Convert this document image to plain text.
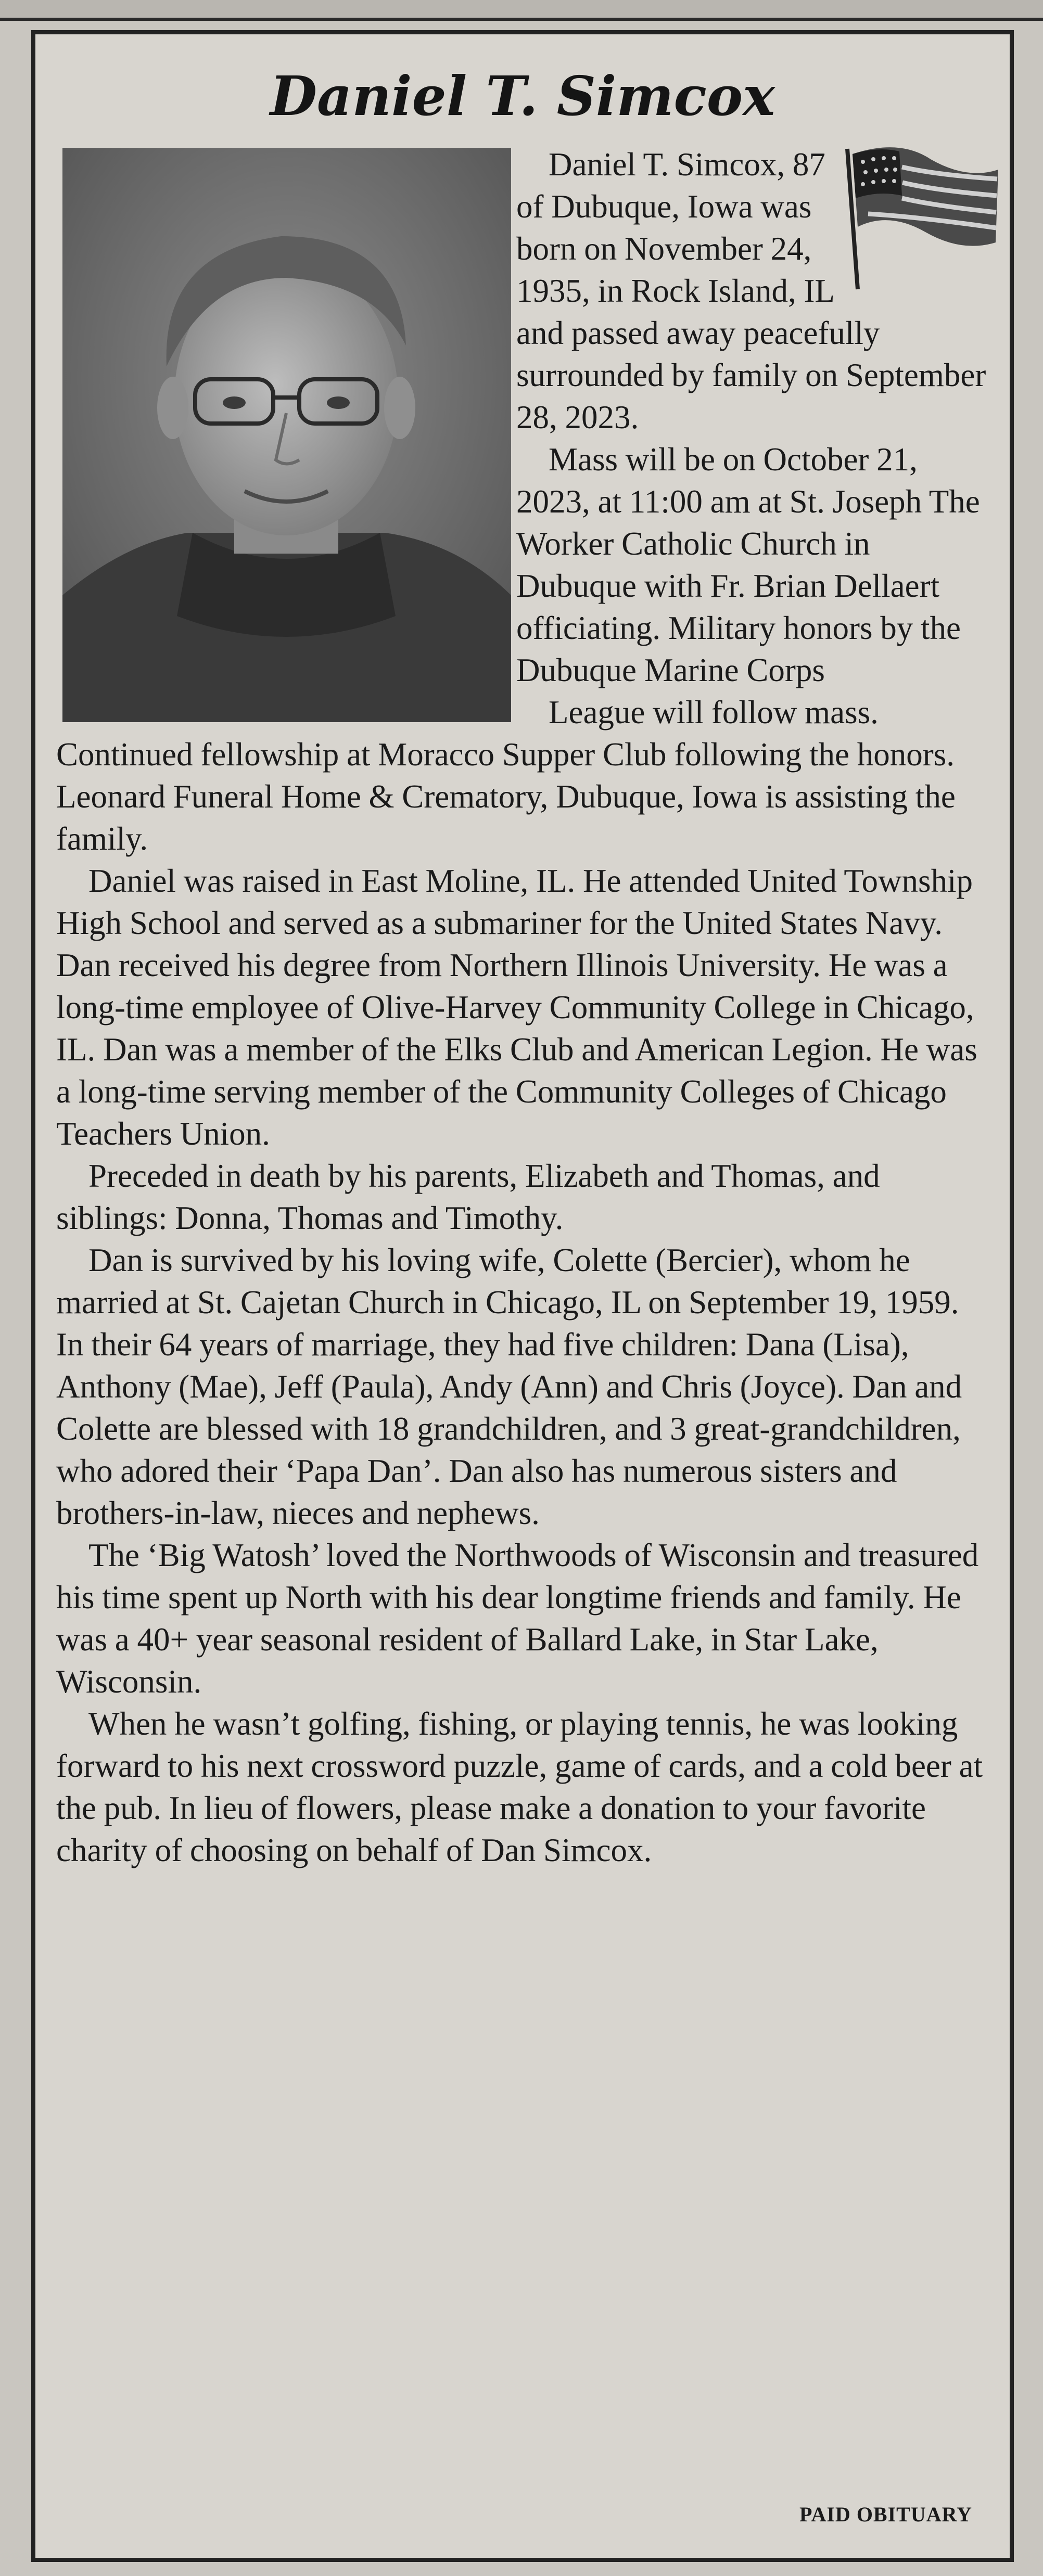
Daniel T. Simcox

Daniel T. Simcox, 87 of Dubuque, Iowa was born on November 24, 1935, in Rock Island, IL and passed away peacefully surrounded by family on September 28, 2023.

Mass will be on October 21, 2023, at 11:00 am at St. Joseph The Worker Catholic Church in Dubuque with Fr. Brian Dellaert officiating. Military honors by the Dubuque Marine Corps

League will follow mass. Continued fellowship at Moracco Supper Club following the honors. Leonard Funeral Home & Crematory, Dubuque, Iowa is assisting the family.

Daniel was raised in East Moline, IL. He attended United Township High School and served as a submariner for the United States Navy. Dan received his degree from Northern Illinois University. He was a long-time employee of Olive-Harvey Community College in Chicago, IL. Dan was a member of the Elks Club and American Legion. He was a long-time serving member of the Community Colleges of Chicago Teachers Union.

Preceded in death by his parents, Elizabeth and Thomas, and siblings: Donna, Thomas and Timothy.

Dan is survived by his loving wife, Colette (Bercier), whom he married at St. Cajetan Church in Chicago, IL on September 19, 1959. In their 64 years of marriage, they had five children: Dana (Lisa), Anthony (Mae), Jeff (Paula), Andy (Ann) and Chris (Joyce). Dan and Colette are blessed with 18 grandchildren, and 3 great-grandchildren, who adored their ‘Papa Dan’. Dan also has numerous sisters and brothers-in-law, nieces and nephews.

The ‘Big Watosh’ loved the Northwoods of Wisconsin and treasured his time spent up North with his dear longtime friends and family. He was a 40+ year seasonal resident of Ballard Lake, in Star Lake, Wisconsin.

When he wasn’t golfing, fishing, or playing tennis, he was looking forward to his next crossword puzzle, game of cards, and a cold beer at the pub. In lieu of flowers, please make a donation to your favorite charity of choosing on behalf of Dan Simcox.

PAID OBITUARY
